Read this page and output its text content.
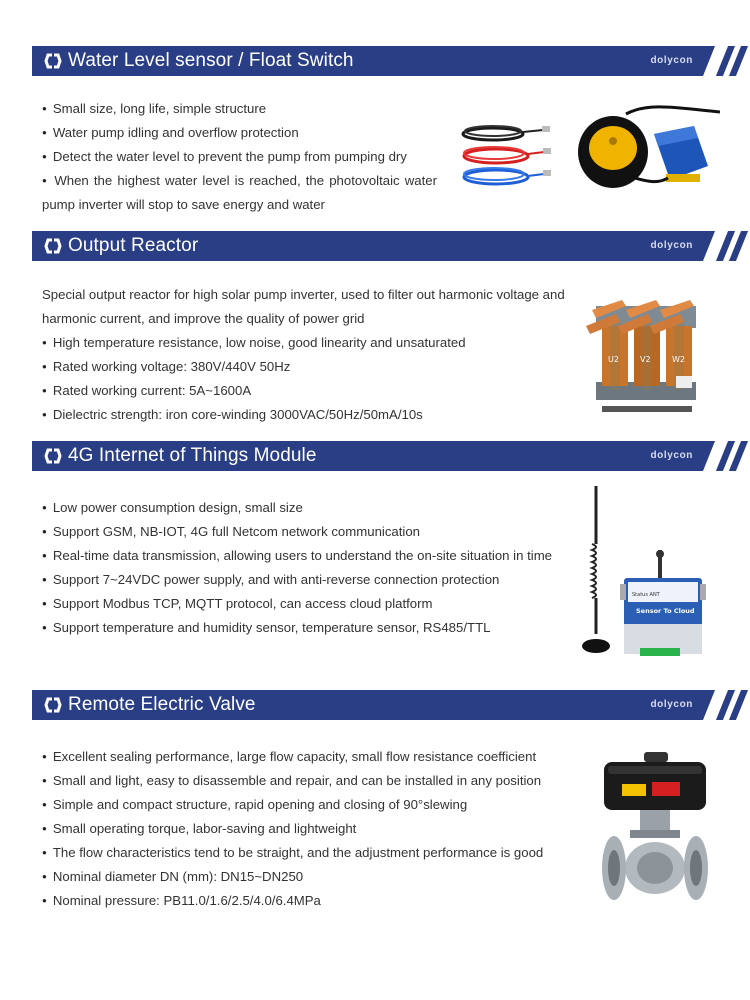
Water Level sensor / Float Switch	dolycon

● Small size, long life, simple structure

● Water pump idling and overflow protection

● Detect the water level to prevent the pump from pumping dry

● When the highest water level is reached, the photovoltaic water pump inverter will stop to save energy and water

Output Reactor	dolycon

Special output reactor for high solar pump inverter, used to filter out harmonic voltage and harmonic current, and improve the quality of power grid

● High temperature resistance, low noise, good linearity and unsaturated

● Rated working voltage: 380V/440V 50Hz

● Rated working current: 5A~1600A

● Dielectric strength: iron core-winding 3000VAC/50Hz/50mA/10s

U2	V2	W2
4G Internet of Things Module	dolycon

● Low power consumption design, small size

● Support GSM, NB-IOT, 4G full Netcom network communication

● Real-time data transmission, allowing users to understand the on-site situation in time

● Support 7~24VDC power supply, and with anti-reverse connection protection

● Support Modbus TCP, MQTT protocol, can access cloud platform

● Support temperature and humidity sensor, temperature sensor, RS485/TTL

Status ANT
Sensor To Cloud
Remote Electric Valve	dolycon

● Excellent sealing performance, large flow capacity, small flow resistance coefficient

● Small and light, easy to disassemble and repair, and can be installed in any position

● Simple and compact structure, rapid opening and closing of 90°slewing

● Small operating torque, labor-saving and lightweight

● The flow characteristics tend to be straight, and the adjustment performance is good

● Nominal diameter DN (mm): DN15~DN250

● Nominal pressure: PB11.0/1.6/2.5/4.0/6.4MPa
